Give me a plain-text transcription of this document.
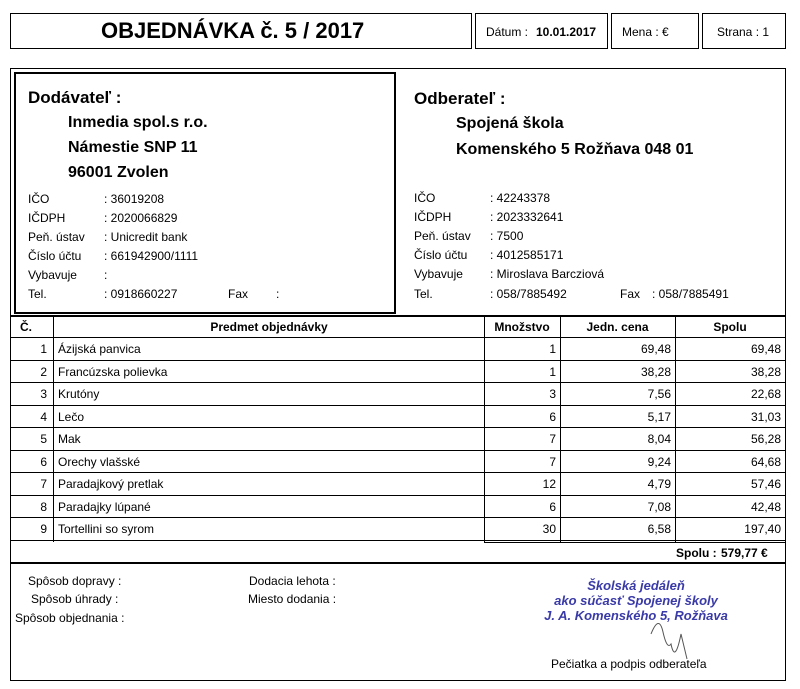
OBJEDNÁVKA č. 5 / 2017	Dátum : 10.01.2017 Mena : €	Strana : 1
Dodávateľ :
Inmedia spol.s r.o.
Námestie SNP 11
96001 Zvolen
IČO	: 36019208
IČDPH	: 2020066829
Peň. ústav : Unicredit bank
Číslo účtu : 661942900/1111
Vybavuje :
Tel.	: 0918660227	Fax :
Odberateľ :
Spojená škola
Komenského 5 Rožňava 048 01
IČO	: 42243378
IČDPH	: 2023332641
Peň. ústav : 7500
Číslo účtu : 4012585171
Vybavuje : Miroslava Barcziová
Tel.	: 058/7885492	Fax : 058/7885491
Č.	Predmet objednávky	Množstvo	Jedn. cena	Spolu
1 Ázijská panvica	1	69,48	69,48
2 Francúzska polievka	1	38,28	38,28
3 Krutóny	3	7,56	22,68
4 Lečo	6	5,17	31,03
5 Mak	7	8,04	56,28
6 Orechy vlašské	7	9,24	64,68
7 Paradajkový pretlak	12	4,79	57,46
8 Paradajky lúpané	6	7,08	42,48
9 Tortellini so syrom	30	6,58	197,40
Spolu : 579,77 €
Spôsob dopravy :
Spôsob úhrady :
Spôsob objednania :
Dodacia lehota :
Miesto dodania :
Školská jedáleň
ako súčasť Spojenej školy
J. A. Komenského 5, Rožňava
Pečiatka a podpis odberateľa
